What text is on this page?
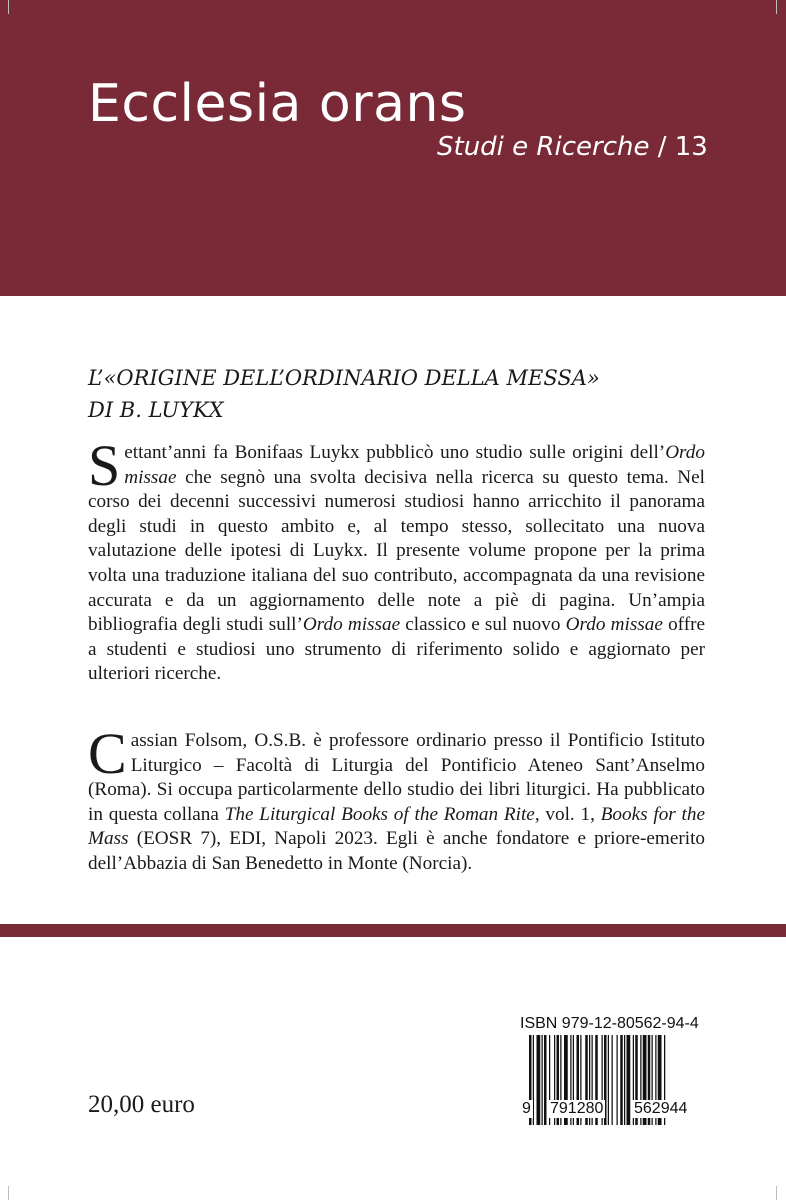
Ecclesia orans
Studi e Ricerche / 13
L’«ORIGINE DELL’ORDINARIO DELLA MESSA»
DI B. LUYKX
Settant’anni fa Bonifaas Luykx pubblicò uno studio sulle origini dell’Ordo missae che segnò una svolta decisiva nella ricerca su questo tema. Nel corso dei decenni successivi numerosi studiosi hanno arricchito il panorama degli studi in questo ambito e, al tempo stesso, sollecitato una nuova valutazione delle ipotesi di Luykx. Il presente volume propone per la prima volta una traduzione italiana del suo contributo, accompagnata da una revisione accurata e da un aggiornamento delle note a piè di pagina. Un’ampia bibliografia degli studi sull’Ordo missae classico e sul nuovo Ordo missae offre a studenti e studiosi uno strumento di riferimento solido e aggiornato per ulteriori ricerche.
Cassian Folsom, O.S.B. è professore ordinario presso il Pontificio Istituto Liturgico – Facoltà di Liturgia del Pontificio Ateneo Sant’Anselmo (Roma). Si occupa particolarmente dello studio dei libri liturgici. Ha pubblicato in questa collana The Liturgical Books of the Roman Rite, vol. 1, Books for the Mass (EOSR 7), EDI, Napoli 2023. Egli è anche fondatore e priore-emerito dell’Abbazia di San Benedetto in Monte (Norcia).
20,00 euro
ISBN 979-12-80562-94-4
9 791280 562944
